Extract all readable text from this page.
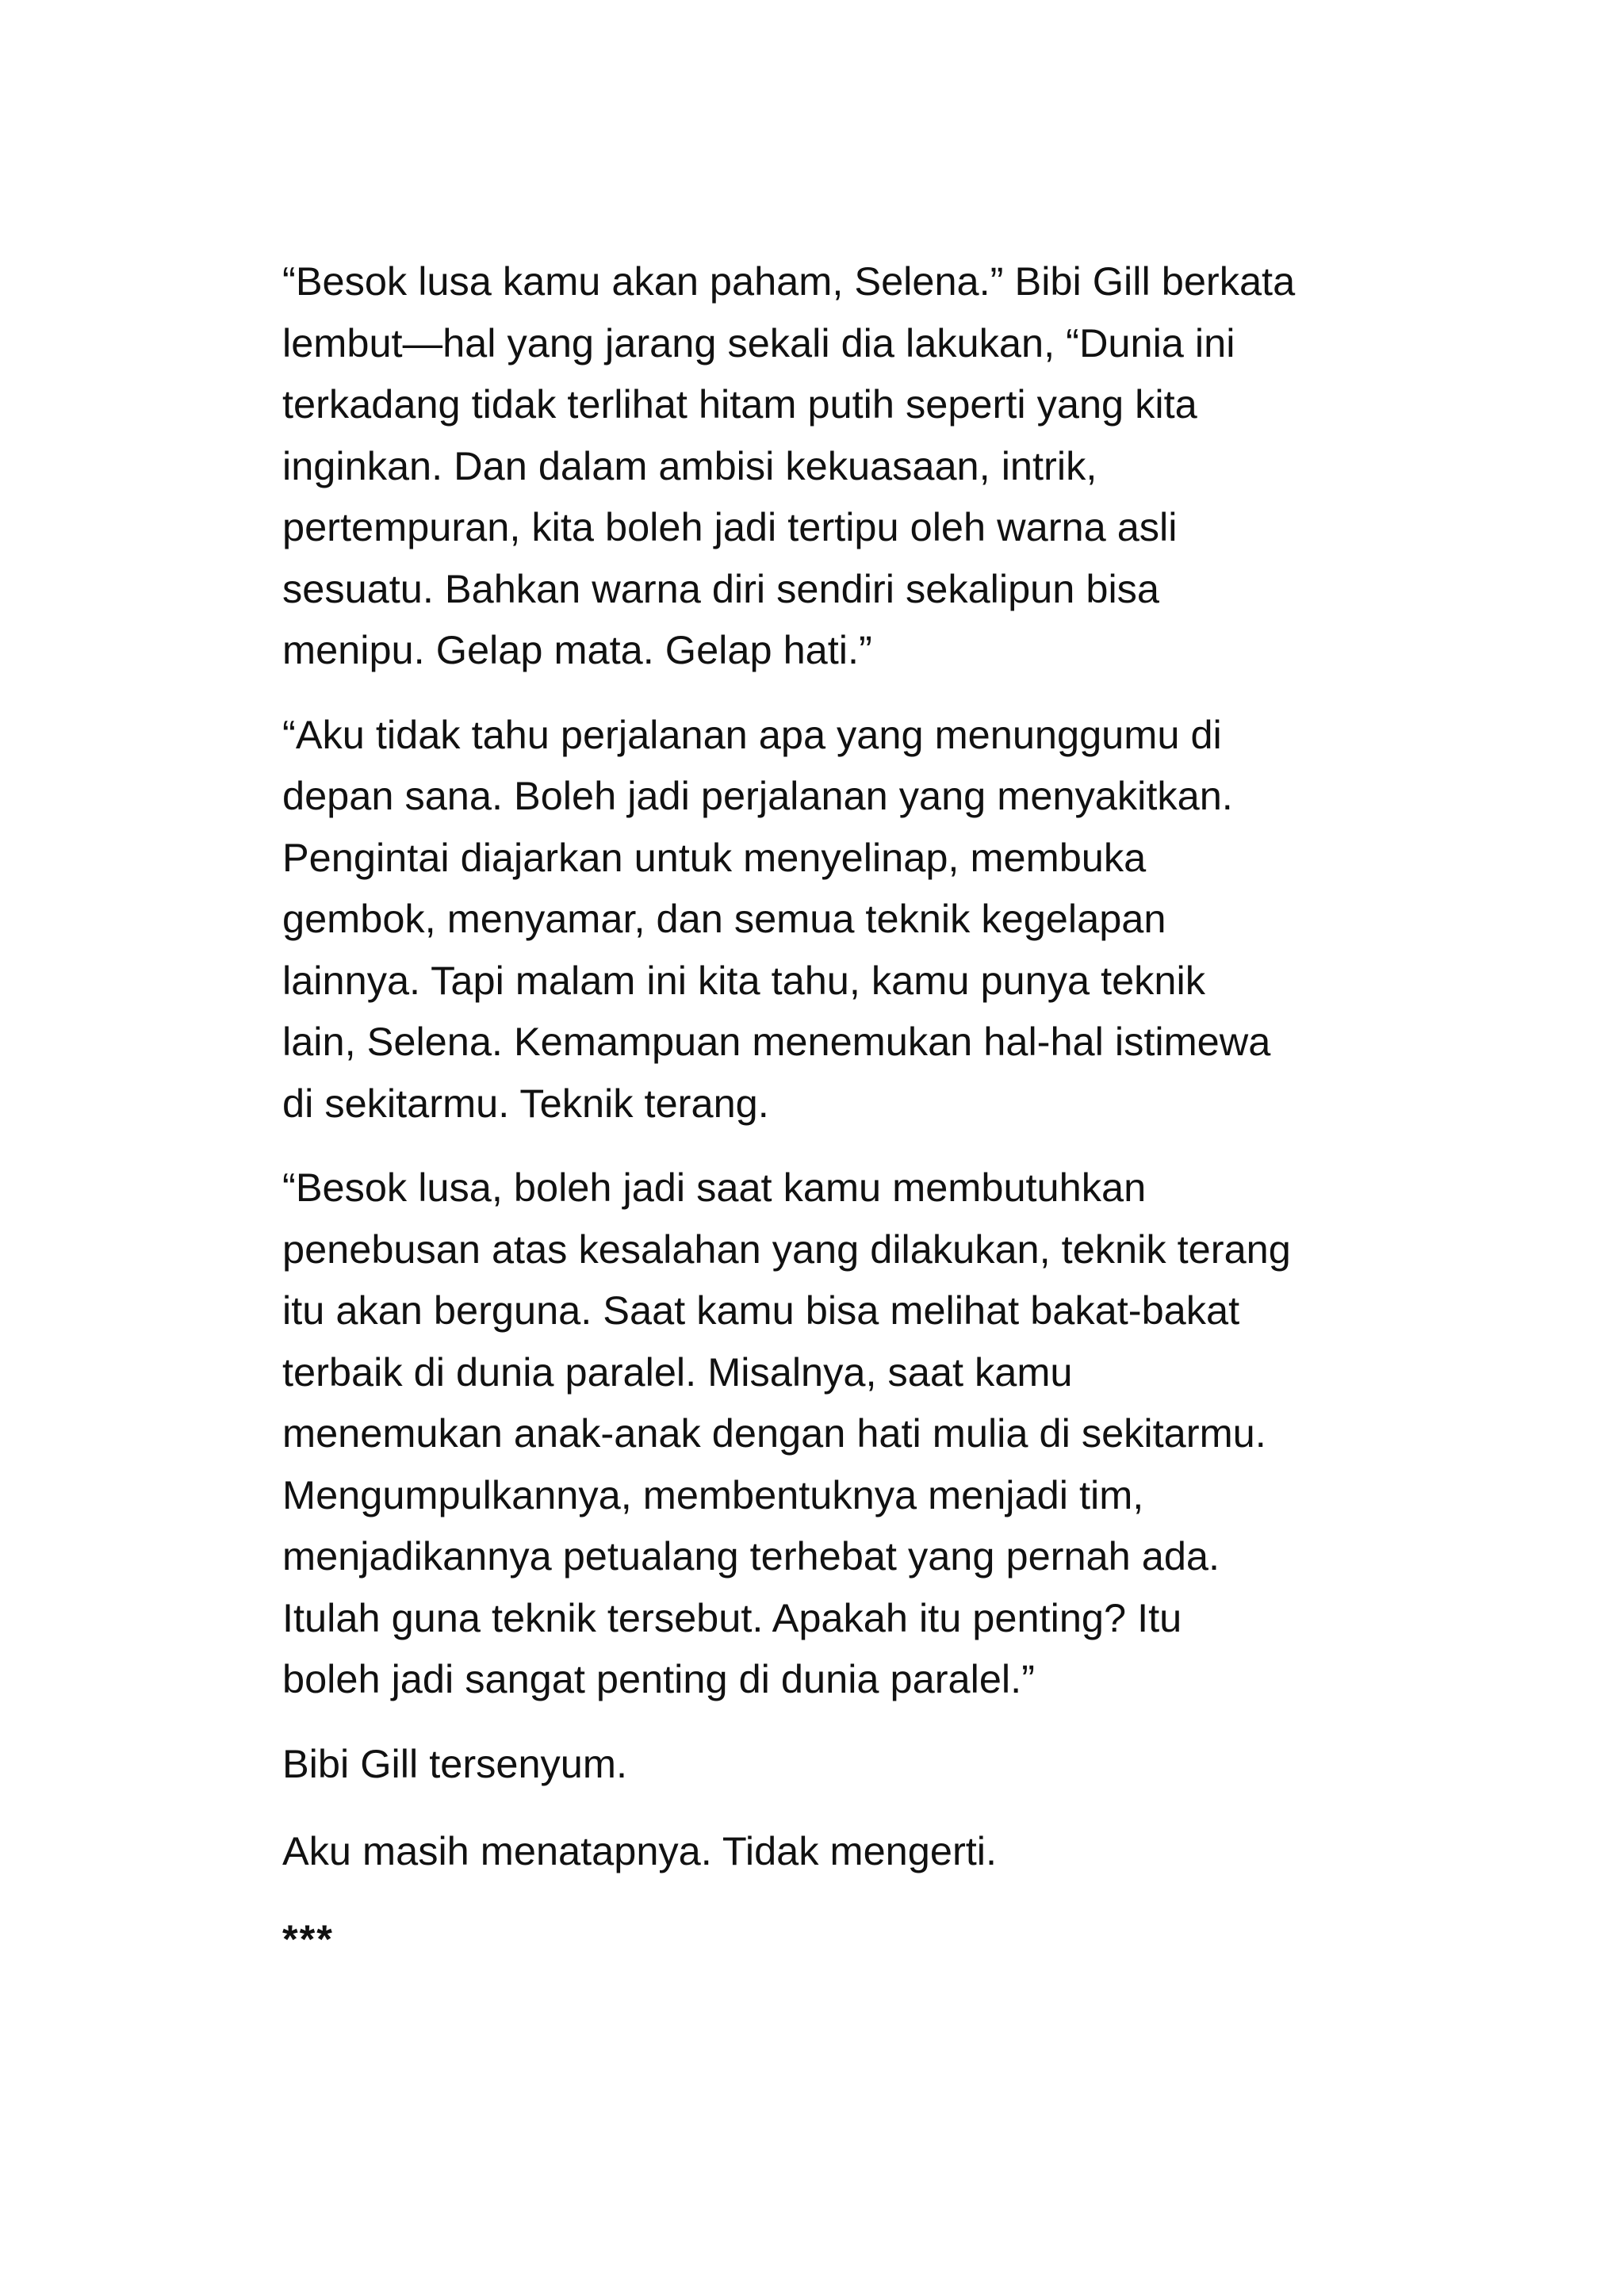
“Besok lusa kamu akan paham, Selena.” Bibi Gill berkata
lembut—hal yang jarang sekali dia lakukan, “Dunia ini
terkadang tidak terlihat hitam putih seperti yang kita
inginkan. Dan dalam ambisi kekuasaan, intrik,
pertempuran, kita boleh jadi tertipu oleh warna asli
sesuatu. Bahkan warna diri sendiri sekalipun bisa
menipu. Gelap mata. Gelap hati.”

“Aku tidak tahu perjalanan apa yang menunggumu di
depan sana. Boleh jadi perjalanan yang menyakitkan.
Pengintai diajarkan untuk menyelinap, membuka
gembok, menyamar, dan semua teknik kegelapan
lainnya. Tapi malam ini kita tahu, kamu punya teknik
lain, Selena. Kemampuan menemukan hal-hal istimewa
di sekitarmu. Teknik terang.

“Besok lusa, boleh jadi saat kamu membutuhkan
penebusan atas kesalahan yang dilakukan, teknik terang
itu akan berguna. Saat kamu bisa melihat bakat-bakat
terbaik di dunia paralel. Misalnya, saat kamu
menemukan anak-anak dengan hati mulia di sekitarmu.
Mengumpulkannya, membentuknya menjadi tim,
menjadikannya petualang terhebat yang pernah ada.
Itulah guna teknik tersebut. Apakah itu penting? Itu
boleh jadi sangat penting di dunia paralel.”

Bibi Gill tersenyum.

Aku masih menatapnya. Tidak mengerti.

***
